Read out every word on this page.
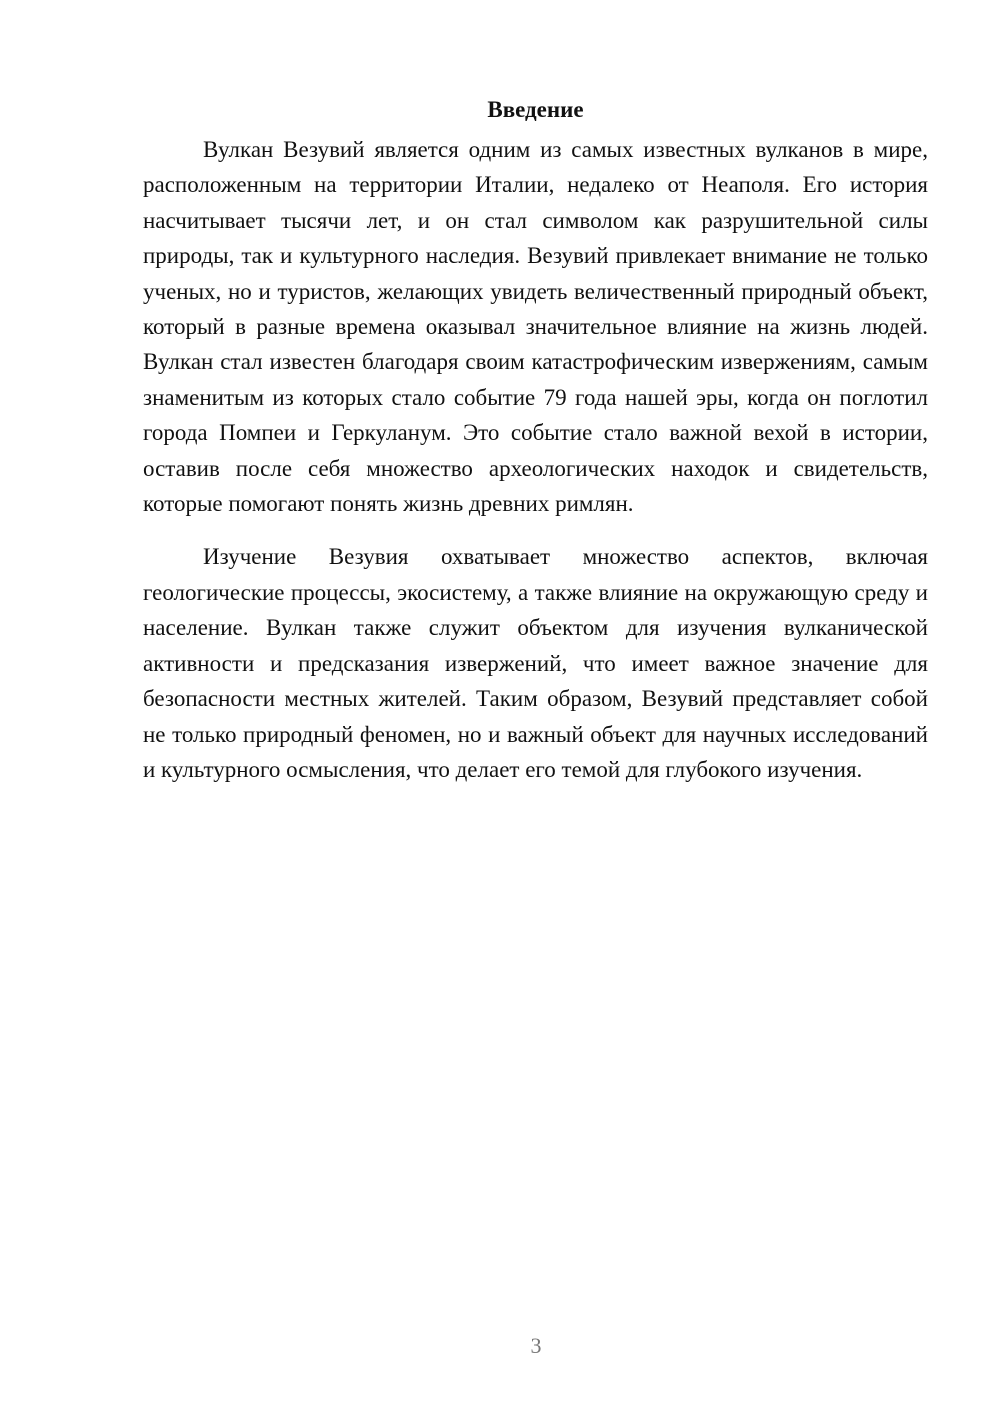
Введение

Вулкан Везувий является одним из самых известных вулканов в мире, расположенным на территории Италии, недалеко от Неаполя. Его история насчитывает тысячи лет, и он стал символом как разрушительной силы природы, так и культурного наследия. Везувий привлекает внимание не только ученых, но и туристов, желающих увидеть величественный природный объект, который в разные времена оказывал значительное влияние на жизнь людей. Вулкан стал известен благодаря своим катастрофическим извержениям, самым знаменитым из которых стало событие 79 года нашей эры, когда он поглотил города Помпеи и Геркуланум. Это событие стало важной вехой в истории, оставив после себя множество археологических находок и свидетельств, которые помогают понять жизнь древних римлян.

Изучение Везувия охватывает множество аспектов, включая геологические процессы, экосистему, а также влияние на окружающую среду и население. Вулкан также служит объектом для изучения вулканической активности и предсказания извержений, что имеет важное значение для безопасности местных жителей. Таким образом, Везувий представляет собой не только природный феномен, но и важный объект для научных исследований и культурного осмысления, что делает его темой для глубокого изучения.

3
